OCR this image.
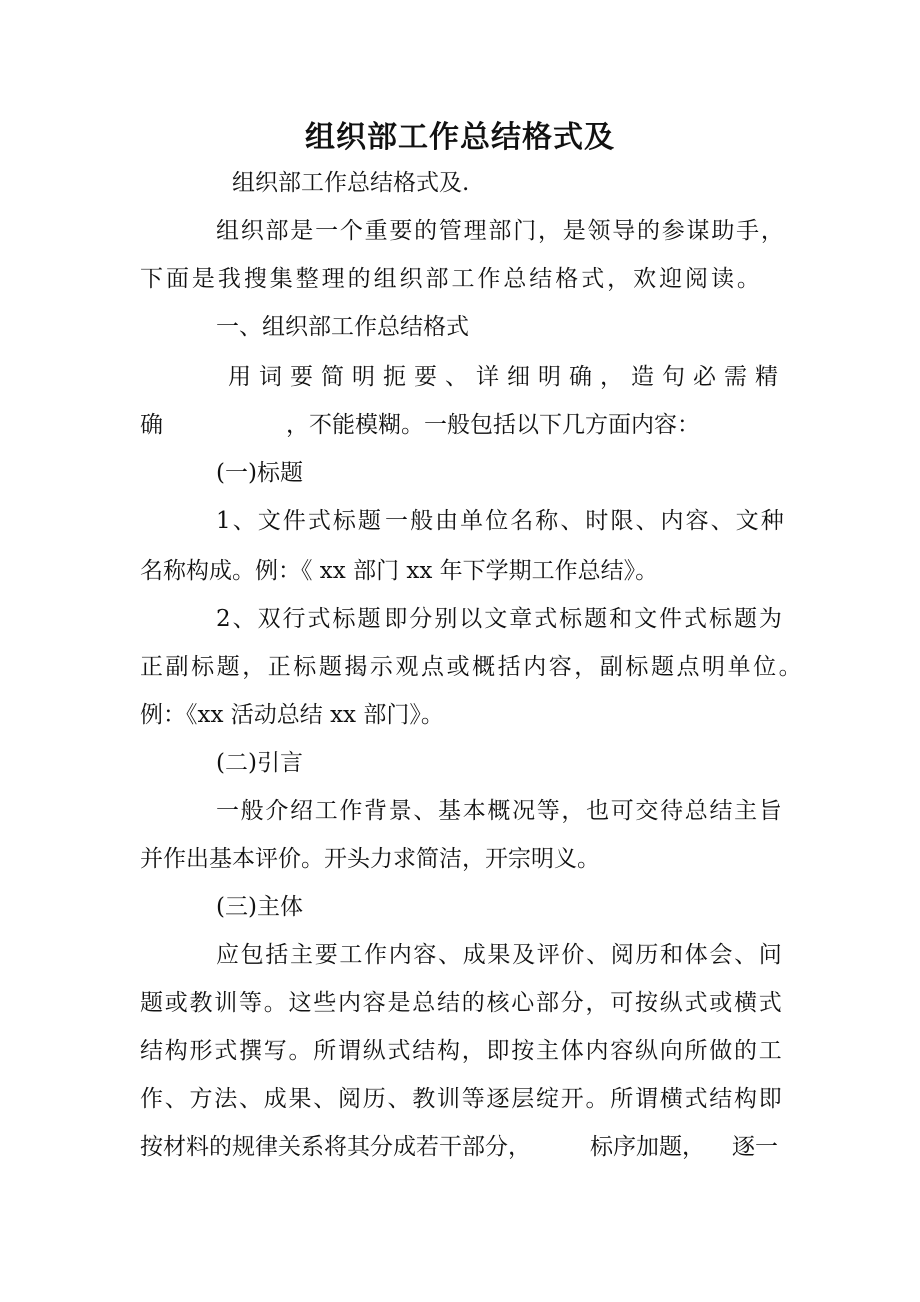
组织部工作总结格式及
组织部工作总结格式及.
组 织 部 是 一 个 重 要 的 管 理 部 门 ， 是 领 导 的 参 谋 助 手 ，
下 面 是 我 搜 集 整 理 的 组 织 部 工 作 总 结 格 式 ， 欢 迎 阅 读 。
一、组织部工作总结格式
用 词 要 简 明 扼 要 、 详 细 明 确 ， 造 句 必 需 精
确	，不能模糊。一般包括以下几方面内容：
(一)标题
1 、 文 件 式 标 题 一 般 由 单 位 名 称 、 时 限 、 内 容 、 文 种
名称构成。例：《 xx 部门 xx 年下学期工作总结》。
2 、 双 行 式 标 题 即 分 别 以 文 章 式 标 题 和 文 件 式 标 题 为
正 副 标 题 ， 正 标 题 揭 示 观 点 或 概 括 内 容 ， 副 标 题 点 明 单 位 。
例：《xx 活动总结 xx 部门》。
(二)引言
一 般 介 绍 工 作 背 景 、 基 本 概 况 等 ， 也 可 交 待 总 结 主 旨
并作出基本评价。开头力求简洁，开宗明义。
(三)主体
应 包 括 主 要 工 作 内 容 、 成 果 及 评 价 、 阅 历 和 体 会 、 问
题 或 教 训 等 。 这 些 内 容 是 总 结 的 核 心 部 分 ， 可 按 纵 式 或 横 式
结 构 形 式 撰 写 。 所 谓 纵 式 结 构 ， 即 按 主 体 内 容 纵 向 所 做 的 工
作 、 方 法 、 成 果 、 阅 历 、 教 训 等 逐 层 绽 开 。 所 谓 横 式 结 构 即
按材料的规律关系将其分成若干部分，	标序加题，	逐一
